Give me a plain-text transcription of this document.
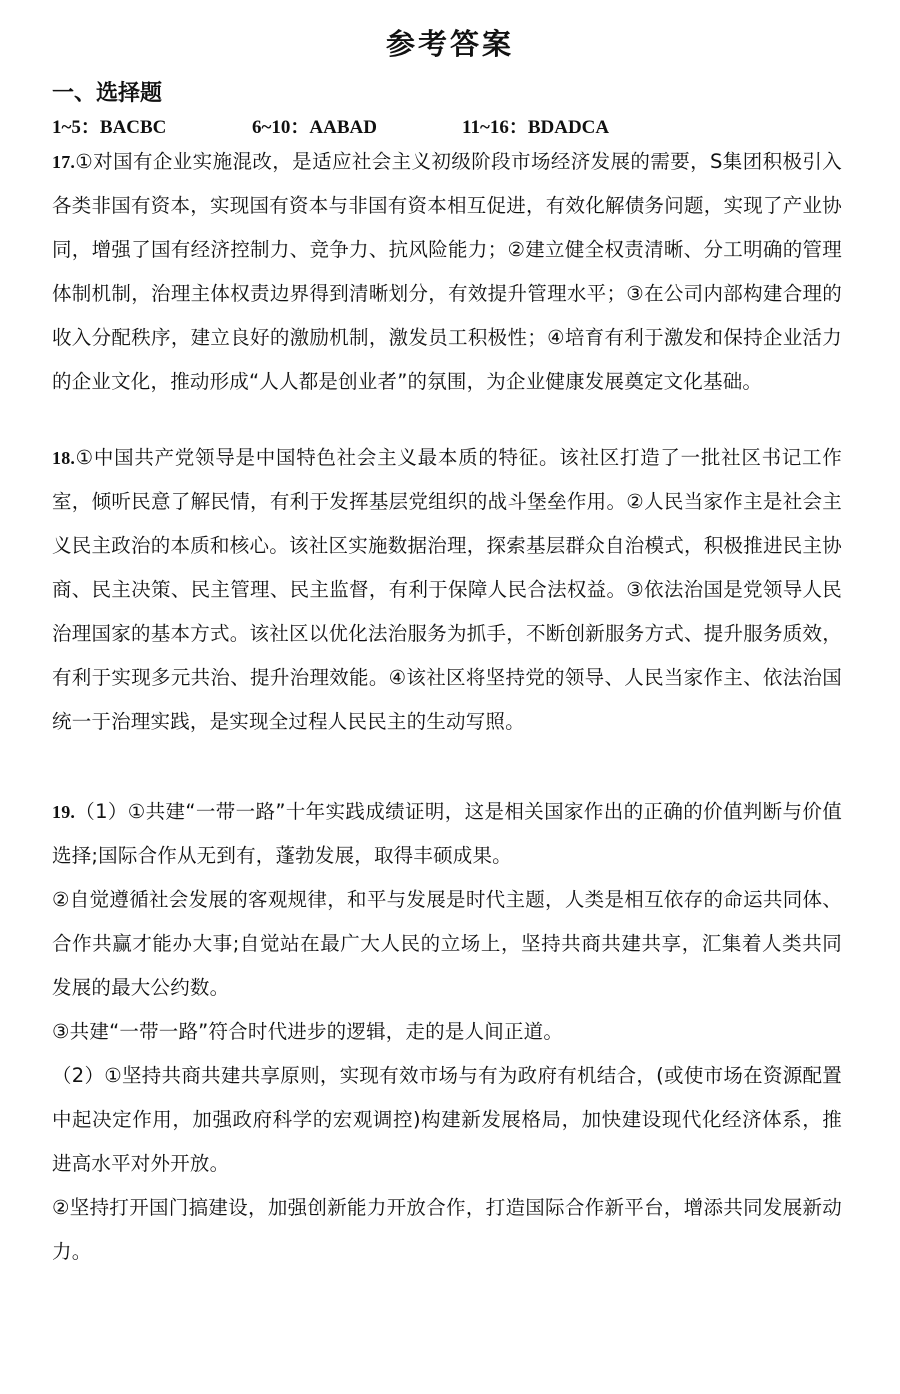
参考答案
一、选择题
1~5：BACBC	6~10：AABAD	11~16：BDADCA

17.①对国有企业实施混改，是适应社会主义初级阶段市场经济发展的需要，S集团积极引入各类非国有资本，实现国有资本与非国有资本相互促进，有效化解债务问题，实现了产业协同，增强了国有经济控制力、竞争力、抗风险能力；②建立健全权责清晰、分工明确的管理体制机制，治理主体权责边界得到清晰划分，有效提升管理水平；③在公司内部构建合理的收入分配秩序，建立良好的激励机制，激发员工积极性；④培育有利于激发和保持企业活力的企业文化，推动形成“人人都是创业者”的氛围，为企业健康发展奠定文化基础。

18.①中国共产党领导是中国特色社会主义最本质的特征。该社区打造了一批社区书记工作室，倾听民意了解民情，有利于发挥基层党组织的战斗堡垒作用。②人民当家作主是社会主义民主政治的本质和核心。该社区实施数据治理，探索基层群众自治模式，积极推进民主协商、民主决策、民主管理、民主监督，有利于保障人民合法权益。③依法治国是党领导人民治理国家的基本方式。该社区以优化法治服务为抓手，不断创新服务方式、提升服务质效，有利于实现多元共治、提升治理效能。④该社区将坚持党的领导、人民当家作主、依法治国统一于治理实践，是实现全过程人民民主的生动写照。

19.（1）①共建“一带一路”十年实践成绩证明，这是相关国家作出的正确的价值判断与价值选择;国际合作从无到有，蓬勃发展，取得丰硕成果。

②自觉遵循社会发展的客观规律，和平与发展是时代主题，人类是相互依存的命运共同体、合作共赢才能办大事;自觉站在最广大人民的立场上，坚持共商共建共享，汇集着人类共同发展的最大公约数。

③共建“一带一路”符合时代进步的逻辑，走的是人间正道。

（2）①坚持共商共建共享原则，实现有效市场与有为政府有机结合，(或使市场在资源配置中起决定作用，加强政府科学的宏观调控)构建新发展格局，加快建设现代化经济体系，推进高水平对外开放。

②坚持打开国门搞建设，加强创新能力开放合作，打造国际合作新平台，增添共同发展新动力。
